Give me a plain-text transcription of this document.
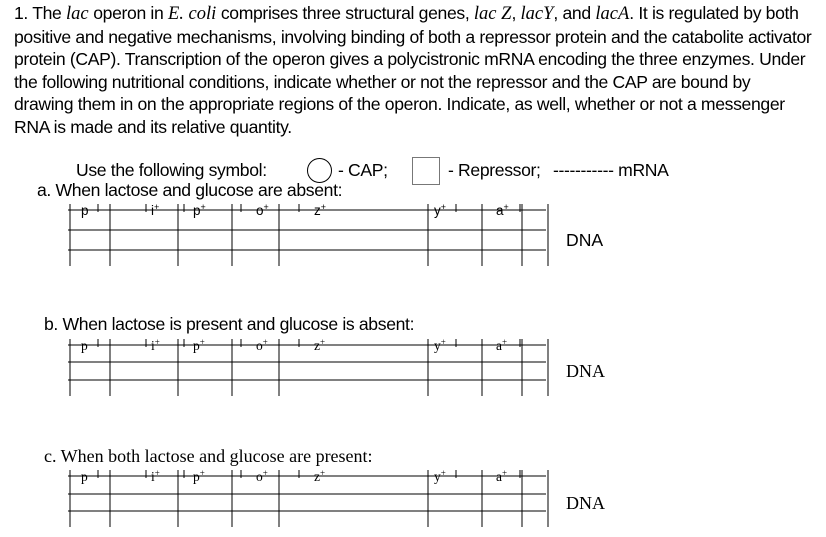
1. The lac operon in E. coli comprises three structural genes, lac Z, lacY, and lacA. It is regulated by both positive and negative mechanisms, involving binding of both a repressor protein and the catabolite activator protein (CAP). Transcription of the operon gives a polycistronic mRNA encoding the three enzymes. Under the following nutritional conditions, indicate whether or not the repressor and the CAP are bound by drawing them in on the appropriate regions of the operon. Indicate, as well, whether or not a messenger RNA is made and its relative quantity.
Use the following symbol:	- CAP;	- Repressor; ----------- mRNA
a. When lactose and glucose are absent:
p	i+ p+	o+	z+	y+	a+
DNA
b. When lactose is present and glucose is absent:
p	i+ p+	o+	z+	y+	a+
DNA
c. When both lactose and glucose are present:
p	i+ p+	o+	z+	y+	a+
DNA
